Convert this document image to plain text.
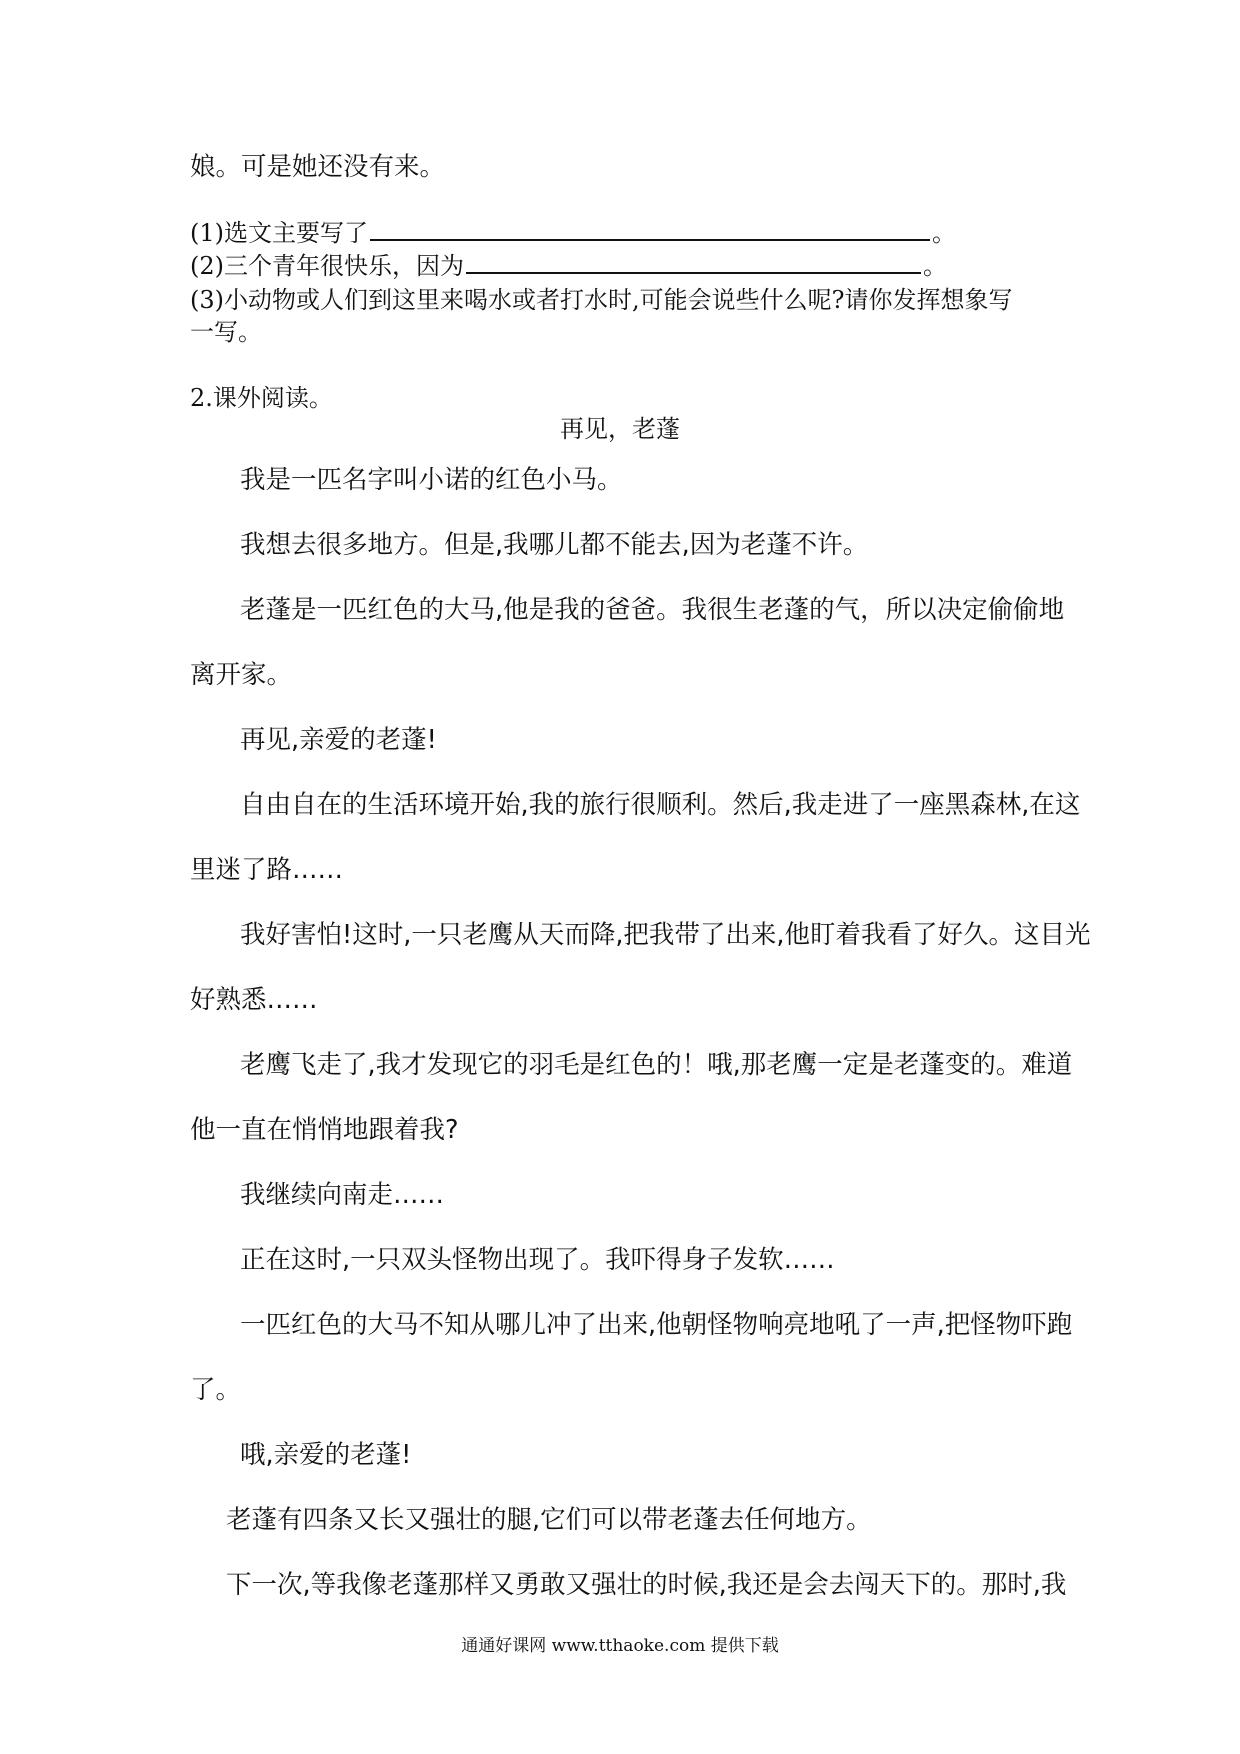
娘。可是她还没有来。
(1)选文主要写了	。
(2)三个青年很快乐，因为	。
(3)小动物或人们到这里来喝水或者打水时,可能会说些什么呢?请你发挥想象写
一写。
2.课外阅读。
再见，老蓬
我是一匹名字叫小诺的红色小马。
我想去很多地方。但是,我哪儿都不能去,因为老蓬不许。
老蓬是一匹红色的大马,他是我的爸爸。我很生老蓬的气，所以决定偷偷地
离开家。
再见,亲爱的老蓬!
自由自在的生活环境开始,我的旅行很顺利。然后,我走进了一座黑森林,在这
里迷了路……
我好害怕!这时,一只老鹰从天而降,把我带了出来,他盯着我看了好久。这目光
好熟悉……
老鹰飞走了,我才发现它的羽毛是红色的！哦,那老鹰一定是老蓬变的。难道
他一直在悄悄地跟着我?
我继续向南走……
正在这时,一只双头怪物出现了。我吓得身子发软……
一匹红色的大马不知从哪儿冲了出来,他朝怪物响亮地吼了一声,把怪物吓跑
了。
哦,亲爱的老蓬!
老蓬有四条又长又强壮的腿,它们可以带老蓬去任何地方。
下一次,等我像老蓬那样又勇敢又强壮的时候,我还是会去闯天下的。那时,我
通通好课网 www.tthaoke.com 提供下载
